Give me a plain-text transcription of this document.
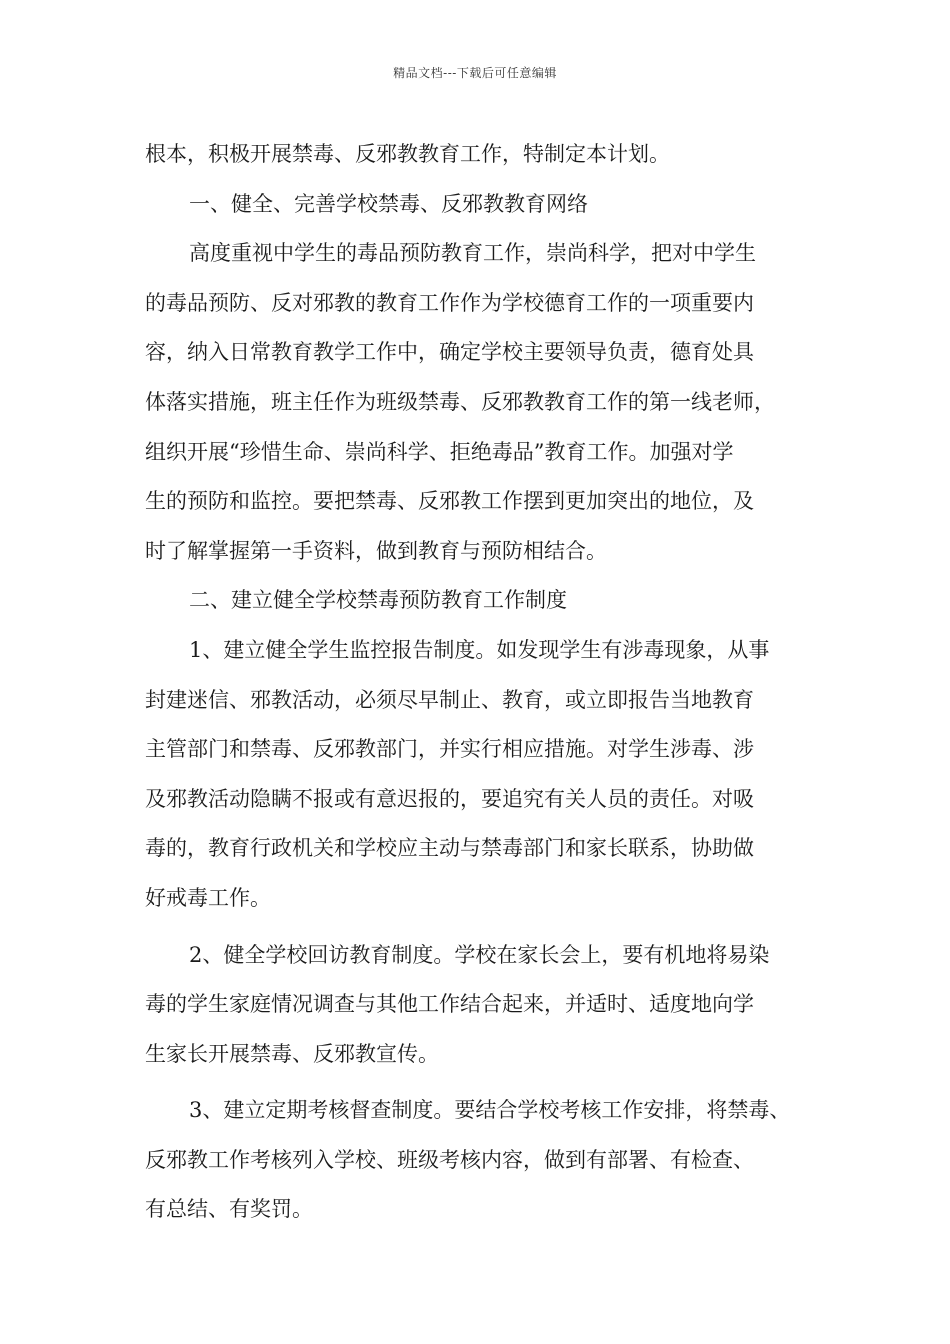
精品文档---下载后可任意编辑
根本，积极开展禁毒、反邪教教育工作，特制定本计划。
一、健全、完善学校禁毒、反邪教教育网络
高度重视中学生的毒品预防教育工作，崇尚科学，把对中学生
的毒品预防、反对邪教的教育工作作为学校德育工作的一项重要内
容，纳入日常教育教学工作中，确定学校主要领导负责，德育处具
体落实措施，班主任作为班级禁毒、反邪教教育工作的第一线老师，
组织开展“珍惜生命、崇尚科学、拒绝毒品”教育工作。加强对学
生的预防和监控。要把禁毒、反邪教工作摆到更加突出的地位，及
时了解掌握第一手资料，做到教育与预防相结合。
二、建立健全学校禁毒预防教育工作制度
1、建立健全学生监控报告制度。如发现学生有涉毒现象，从事
封建迷信、邪教活动，必须尽早制止、教育，或立即报告当地教育
主管部门和禁毒、反邪教部门，并实行相应措施。对学生涉毒、涉
及邪教活动隐瞒不报或有意迟报的，要追究有关人员的责任。对吸
毒的，教育行政机关和学校应主动与禁毒部门和家长联系，协助做
好戒毒工作。
2、健全学校回访教育制度。学校在家长会上，要有机地将易染
毒的学生家庭情况调查与其他工作结合起来，并适时、适度地向学
生家长开展禁毒、反邪教宣传。
3、建立定期考核督查制度。要结合学校考核工作安排，将禁毒、
反邪教工作考核列入学校、班级考核内容，做到有部署、有检查、
有总结、有奖罚。
